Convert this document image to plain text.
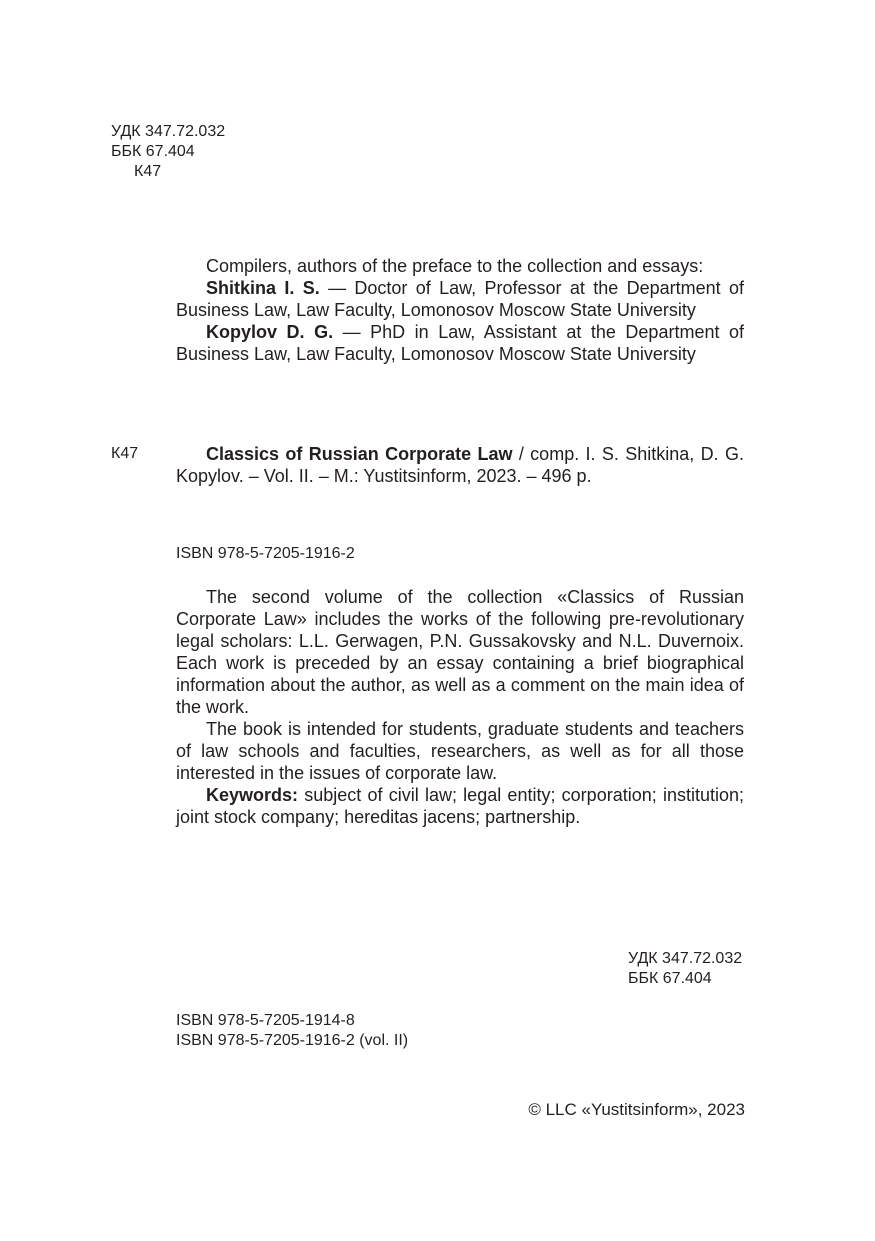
УДК 347.72.032
ББК 67.404
К47

Compilers, authors of the preface to the collection and essays:

Shitkina I. S. — Doctor of Law, Professor at the Department of Business Law, Law Faculty, Lomonosov Moscow State University

Kopylov D. G. — PhD in Law, Assistant at the Department of Business Law, Law Faculty, Lomonosov Moscow State University

К47	Classics of Russian Corporate Law / comp. I. S. Shitkina, D. G. Kopylov. – Vol. II. – M.: Yustitsinform, 2023. – 496 p.

ISBN 978-5-7205-1916-2

The second volume of the collection «Classics of Russian Corporate Law» includes the works of the following pre-revolutionary legal scholars: L.L. Gerwagen, P.N. Gussakovsky and N.L. Duvernoix. Each work is preceded by an essay containing a brief biographical information about the author, as well as a comment on the main idea of the work.

The book is intended for students, graduate students and teachers of law schools and faculties, researchers, as well as for all those interested in the issues of corporate law.

Keywords: subject of civil law; legal entity; corporation; institution; joint stock company; hereditas jacens; partnership.

УДК 347.72.032
ББК 67.404
ISBN 978-5-7205-1914-8
ISBN 978-5-7205-1916-2 (vol. II)
© LLC «Yustitsinform», 2023
